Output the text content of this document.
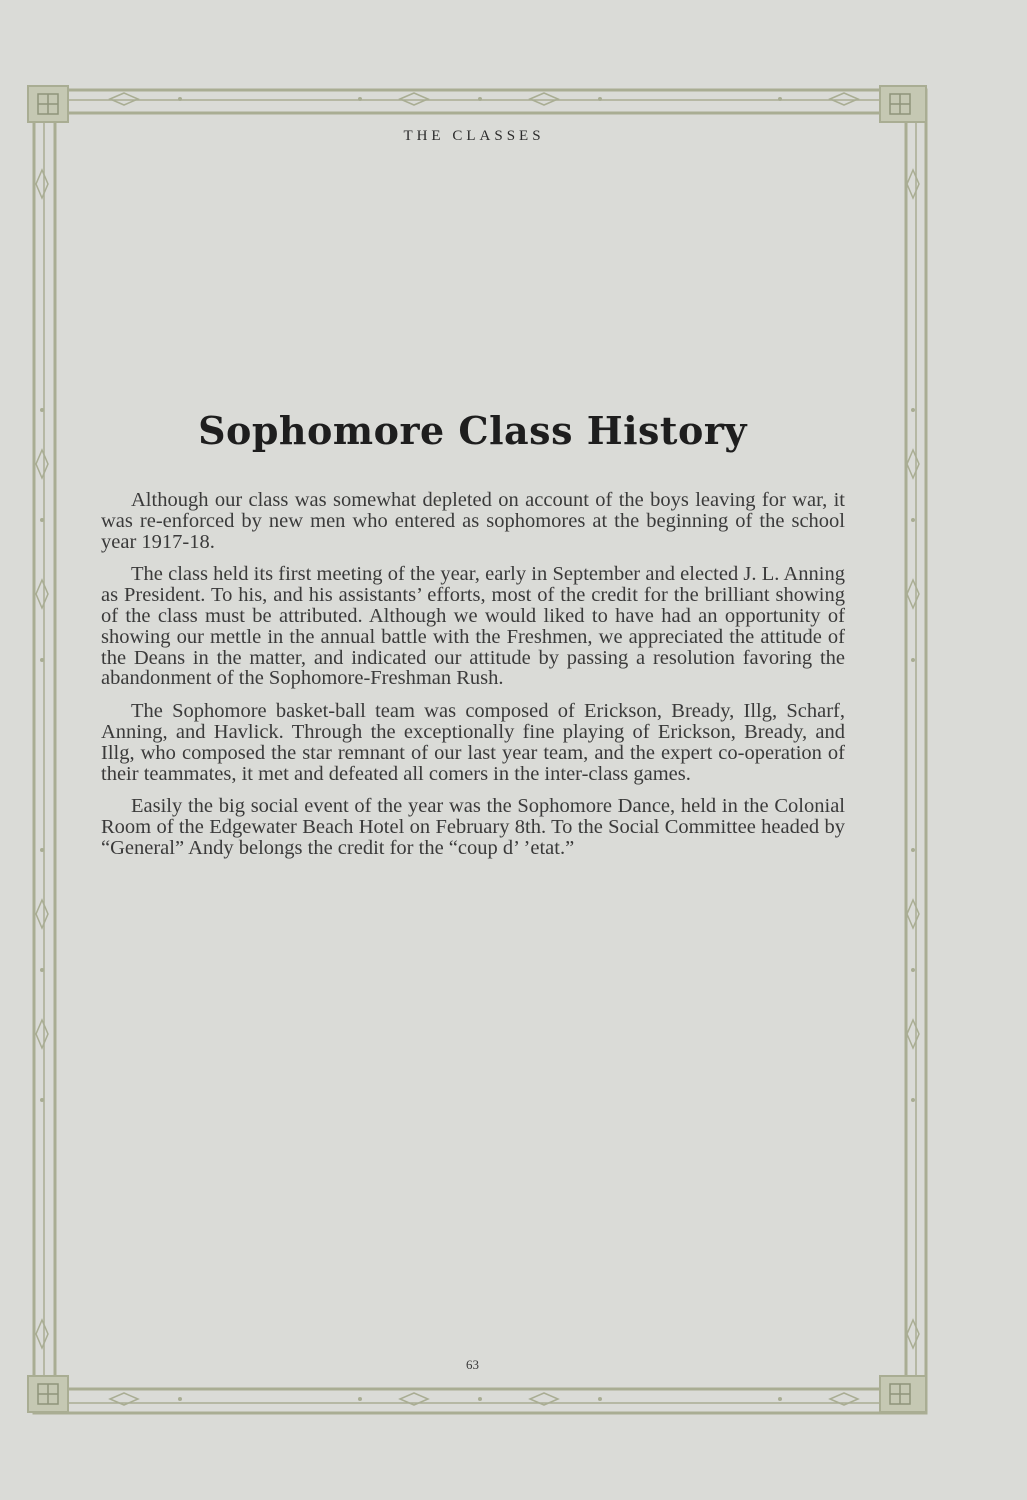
THE CLASSES
Sophomore Class History

Although our class was somewhat depleted on account of the boys leaving for war, it was re-enforced by new men who entered as sophomores at the beginning of the school year 1917-18.

The class held its first meeting of the year, early in September and elected J. L. Anning as President. To his, and his assistants’ efforts, most of the credit for the brilliant showing of the class must be attributed. Although we would liked to have had an opportunity of showing our mettle in the annual battle with the Freshmen, we appreciated the attitude of the Deans in the matter, and indicated our attitude by passing a resolution favoring the abandonment of the Sophomore-Freshman Rush.

The Sophomore basket-ball team was composed of Erickson, Bready, Illg, Scharf, Anning, and Havlick. Through the exceptionally fine playing of Erickson, Bready, and Illg, who composed the star remnant of our last year team, and the expert co-operation of their teammates, it met and defeated all comers in the inter-class games.

Easily the big social event of the year was the Sophomore Dance, held in the Colonial Room of the Edgewater Beach Hotel on February 8th. To the Social Committee headed by “General” Andy belongs the credit for the “coup d’ ’etat.”

63
